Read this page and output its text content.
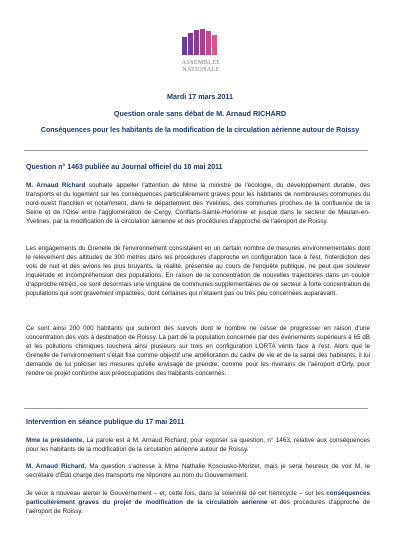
ASSEMBLÉE
NATIONALE
Mardi 17 mars 2011
Question orale sans débat de M. Arnaud RICHARD
Conséquences pour les habitants de la modification de la circulation aérienne autour de Roissy
Question n° 1463 publiée au Journal officiel du 10 mai 2011
M. Arnaud Richard souhaite appeller l'attention de Mme la ministre de l'écologie, du développement durable, des transports et du logement sur les conséquences particulièrement graves pour les habitants de nombreuses communes du nord-ouest francilien et notamment, dans le département des Yvelines, des communes proches de la confluence de la Seine et de l'Oise entre l'agglomération de Cergy, Conflans-Sainte-Honorine et jusque dans le secteur de Meulan-en-Yvelines, par la modification de la circulation aérienne et des procédures d'approche de l'aéroport de Roissy.
Les engagements du Grenelle de l'environnement consistaient en un certain nombre de mesures environnementales dont le relèvement des altitudes de 300 mètres dans les procédures d'approche en configuration face à l'est, l'interdiction des vols de nuit et des avions les plus bruyants, la réalité, présentée au cours de l'enquête publique, ne peut que soulever inquiétude et incompréhension des populations. En raison de la concentration de nouvelles trajectoires dans un couloir d'approche rétréci, ce sont désormais une vingtaine de communes supplémentaires de ce secteur à forte concentration de populations qui sont gravement impactées, dont certaines qui n'étaient pas ou très peu concernées auparavant.
Ce sont ainsi 200 000 habitants qui subiront des survols dont le nombre ne cesse de progresser en raison d'une concentration des vols à destination de Roissy. La part de la population concernée par des événements supérieurs à 65 dB et les pollutions chimiques touchera ainsi plusieurs sur trois en configuration LORTA vents face à l'est. Alors que le Grenelle de l'environnement s'était fixé comme objectif une amélioration du cadre de vie et de la santé des habitants, il lui demande de lui préciser les mesures qu'elle envisage de prendre, comme pour les riverains de l'aéroport d'Orly, pour rendre ce projet conforme aux préoccupations des habitants concernés.
Intervention en séance publique du 17 mai 2011
Mme la présidente. La parole est à M. Arnaud Richard, pour exposer sa question, n° 1463, relative aux conséquences pour les habitants de la modification de la circulation aérienne autour de Roissy.
M. Arnaud Richard. Ma question s'adresse à Mme Nathalie Kosciusko-Morizet, mais je serai heureux de voir M. le secrétaire d'État chargé des transports me répondre au nom du Gouvernement.
Je veux à nouveau alerter le Gouvernement – et, cette fois, dans la solennité de cet hémicycle – sur les conséquences particulièrement graves du projet de modification de la circulation aérienne et des procédures d'approche de l'aéroport de Roissy.
